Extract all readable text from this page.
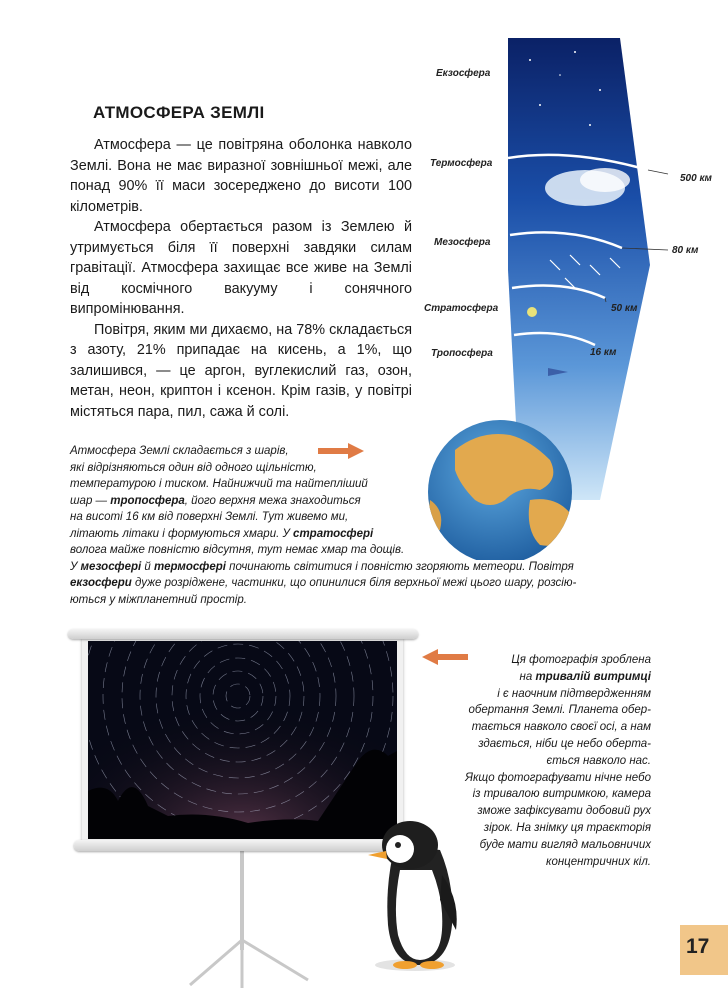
Екзосфера
Термосфера
Мезосфера
Стратосфера
Тропосфера
500 км
80 км
50 км
16 км
АТМОСФЕРА ЗЕМЛІ

Атмосфера — це повітряна оболонка навколо Землі. Вона не має виразної зовнішньої межі, але понад 90% її маси зосереджено до висоти 100 кілометрів.

Атмосфера обертається разом із Землею й утримується біля її поверхні завдяки силам гравітації. Атмосфера захищає все живе на Землі від космічного вакууму і сонячного випромінювання.

Повітря, яким ми дихаємо, на 78% складається з азоту, 21% припадає на кисень, а 1%, що залишився, — це аргон, вуглекислий газ, озон, метан, неон, криптон і ксенон. Крім газів, у повітрі містяться пара, пил, сажа й солі.

Атмосфера Землі складається з шарів,
які відрізняються один від одного щільністю,
температурою і тиском. Найнижчий та найтепліший
шар — тропосфера, його верхня межа знаходиться
на висоті 16 км від поверхні Землі. Тут живемо ми,
літають літаки і формуються хмари. У стратосфері
волога майже повністю відсутня, тут немає хмар та дощів.
У мезосфері й термосфері починають світитися і повністю згоряють метеори. Повітря
екзосфери дуже розріджене, частинки, що опинилися біля верхньої межі цього шару, розсію-
ються у міжпланетний простір.
Ця фотографія зроблена
на тривалій витримці
і є наочним підтвердженням
обертання Землі. Планета обер-
тається навколо своєї осі, а нам
здається, ніби це небо оберта-
ється навколо нас.
Якщо фотографувати нічне небо
із тривалою витримкою, камера
зможе зафіксувати добовий рух
зірок. На знімку ця траєкторія
буде мати вигляд мальовничих
концентричних кіл.
17
